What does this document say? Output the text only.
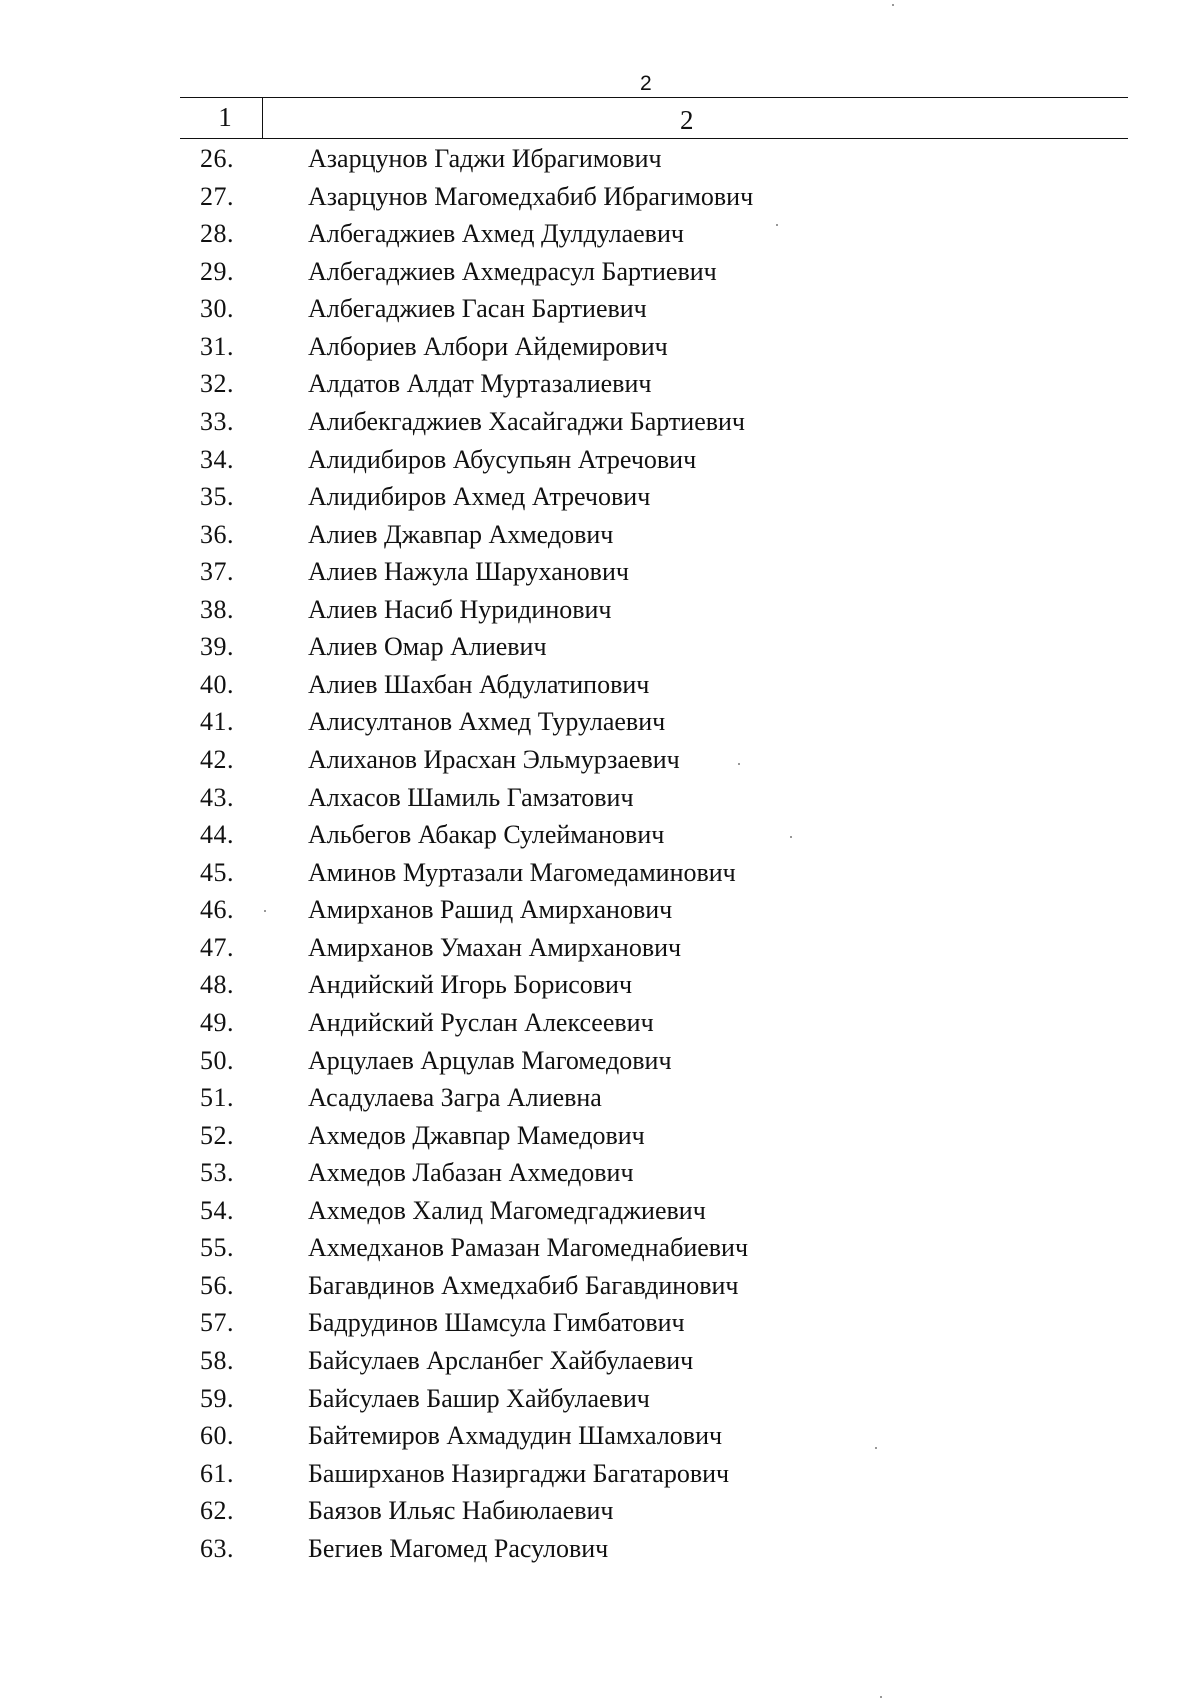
2
1	2
26.	Азарцунов Гаджи Ибрагимович
27.	Азарцунов Магомедхабиб Ибрагимович
28.	Албегаджиев Ахмед Дулдулаевич
29.	Албегаджиев Ахмедрасул Бартиевич
30.	Албегаджиев Гасан Бартиевич
31.	Албориев Албори Айдемирович
32.	Алдатов Алдат Муртазалиевич
33.	Алибекгаджиев Хасайгаджи Бартиевич
34.	Алидибиров Абусупьян Атречович
35.	Алидибиров Ахмед Атречович
36.	Алиев Джавпар Ахмедович
37.	Алиев Нажула Шаруханович
38.	Алиев Насиб Нуридинович
39.	Алиев Омар Алиевич
40.	Алиев Шахбан Абдулатипович
41.	Алисултанов Ахмед Турулаевич
42.	Алиханов Ирасхан Эльмурзаевич
43.	Алхасов Шамиль Гамзатович
44.	Альбегов Абакар Сулейманович
45.	Аминов Муртазали Магомедаминович
46.	Амирханов Рашид Амирханович
47.	Амирханов Умахан Амирханович
48.	Андийский Игорь Борисович
49.	Андийский Руслан Алексеевич
50.	Арцулаев Арцулав Магомедович
51.	Асадулаева Загра Алиевна
52.	Ахмедов Джавпар Мамедович
53.	Ахмедов Лабазан Ахмедович
54.	Ахмедов Халид Магомедгаджиевич
55.	Ахмедханов Рамазан Магомеднабиевич
56.	Багавдинов Ахмедхабиб Багавдинович
57.	Бадрудинов Шамсула Гимбатович
58.	Байсулаев Арсланбег Хайбулаевич
59.	Байсулаев Башир Хайбулаевич
60.	Байтемиров Ахмадудин Шамхалович
61.	Баширханов Назиргаджи Багатарович
62.	Баязов Ильяс Набиюлаевич
63.	Бегиев Магомед Расулович
